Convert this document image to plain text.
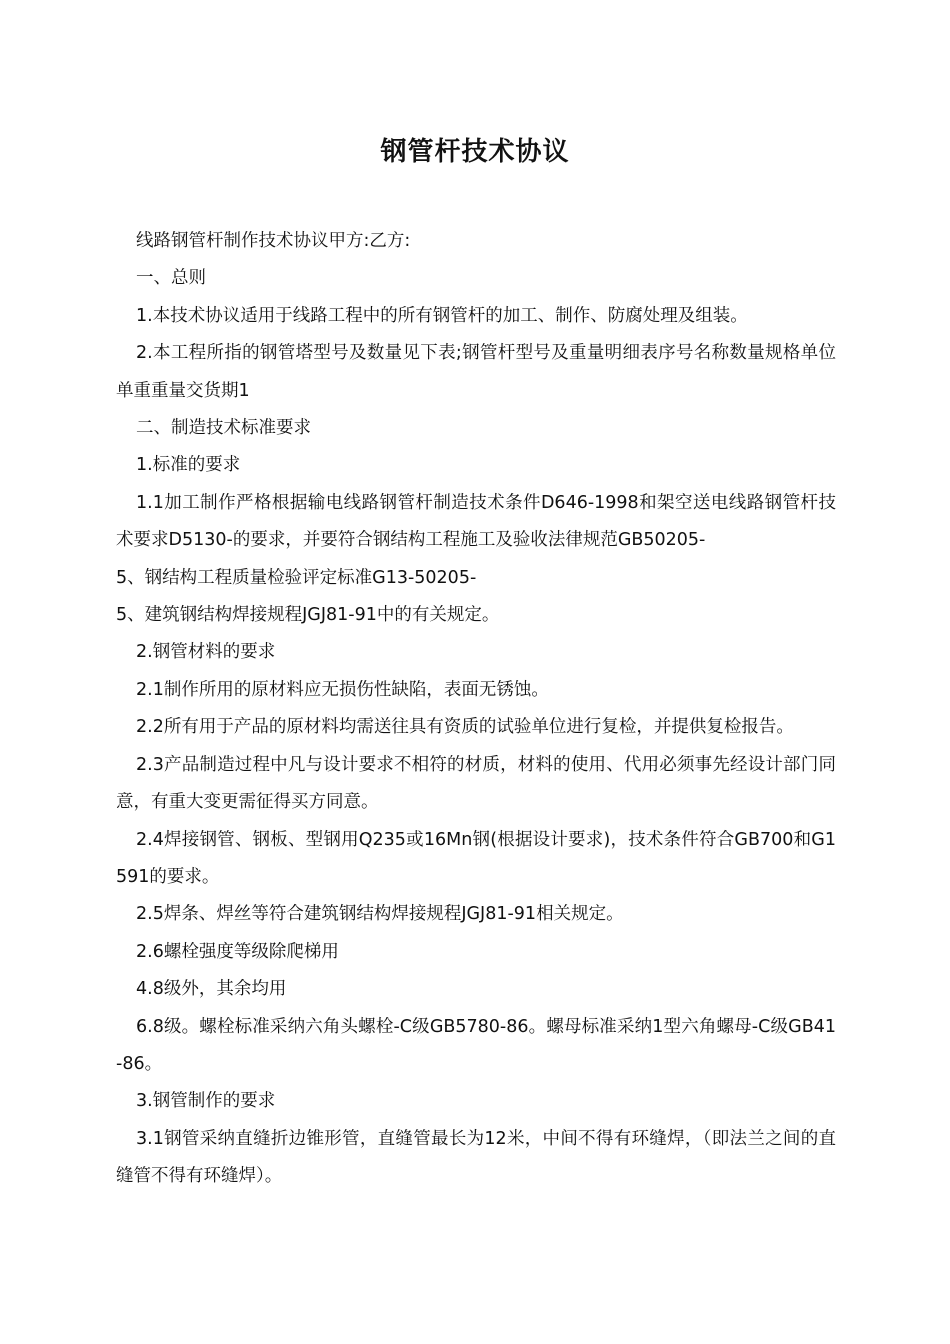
钢管杆技术协议

线路钢管杆制作技术协议甲方:乙方:

一、总则

1.本技术协议适用于线路工程中的所有钢管杆的加工、制作、防腐处理及组装。

2.本工程所指的钢管塔型号及数量见下表;钢管杆型号及重量明细表序号名称数量规格单位单重重量交货期1

二、制造技术标准要求

1.标准的要求

1.1加工制作严格根据输电线路钢管杆制造技术条件D646-1998和架空送电线路钢管杆技术要求D5130-的要求，并要符合钢结构工程施工及验收法律规范GB50205-

5、钢结构工程质量检验评定标准G13-50205-

5、建筑钢结构焊接规程JGJ81-91中的有关规定。

2.钢管材料的要求

2.1制作所用的原材料应无损伤性缺陷，表面无锈蚀。

2.2所有用于产品的原材料均需送往具有资质的试验单位进行复检，并提供复检报告。

2.3产品制造过程中凡与设计要求不相符的材质，材料的使用、代用必须事先经设计部门同意，有重大变更需征得买方同意。

2.4焊接钢管、钢板、型钢用Q235或16Mn钢(根据设计要求)，技术条件符合GB700和G1591的要求。

2.5焊条、焊丝等符合建筑钢结构焊接规程JGJ81-91相关规定。

2.6螺栓强度等级除爬梯用

4.8级外，其余均用

6.8级。螺栓标准采纳六角头螺栓-C级GB5780-86。螺母标准采纳1型六角螺母-C级GB41-86。

3.钢管制作的要求

3.1钢管采纳直缝折边锥形管，直缝管最长为12米，中间不得有环缝焊，（即法兰之间的直缝管不得有环缝焊）。
